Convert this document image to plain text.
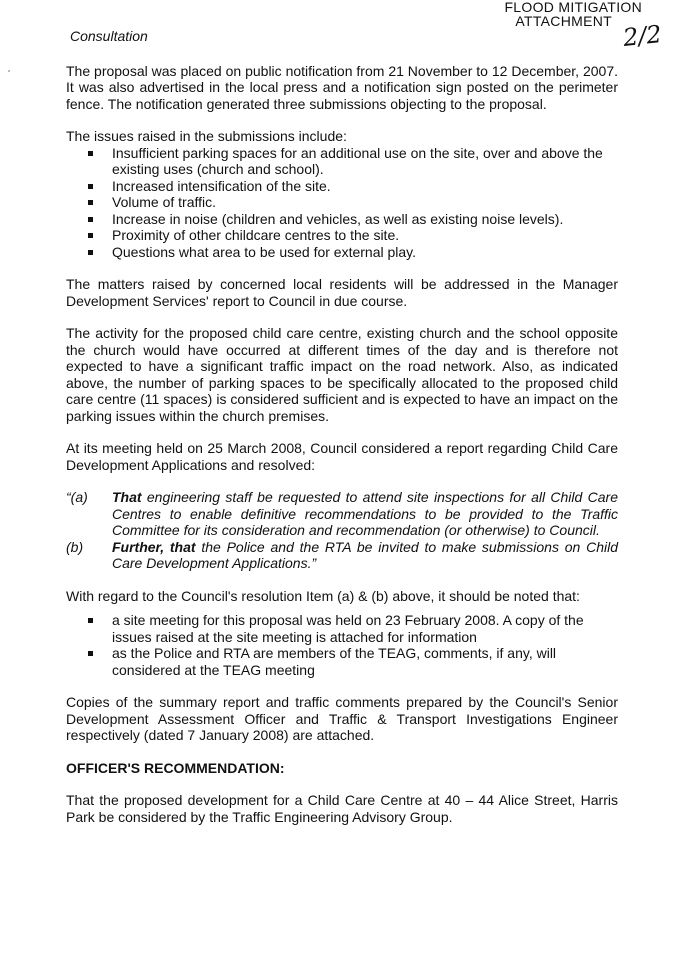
FLOOD MITIGATION
ATTACHMENT 2/2
Consultation

The proposal was placed on public notification from 21 November to 12 December, 2007. It was also advertised in the local press and a notification sign posted on the perimeter fence. The notification generated three submissions objecting to the proposal.

The issues raised in the submissions include:

Insufficient parking spaces for an additional use on the site, over and above the existing uses (church and school).
Increased intensification of the site.
Volume of traffic.
Increase in noise (children and vehicles, as well as existing noise levels).
Proximity of other childcare centres to the site.
Questions what area to be used for external play.

The matters raised by concerned local residents will be addressed in the Manager Development Services' report to Council in due course.

The activity for the proposed child care centre, existing church and the school opposite the church would have occurred at different times of the day and is therefore not expected to have a significant traffic impact on the road network. Also, as indicated above, the number of parking spaces to be specifically allocated to the proposed child care centre (11 spaces) is considered sufficient and is expected to have an impact on the parking issues within the church premises.

At its meeting held on 25 March 2008, Council considered a report regarding Child Care Development Applications and resolved:

“(a)	That engineering staff be requested to attend site inspections for all Child Care Centres to enable definitive recommendations to be provided to the Traffic Committee for its consideration and recommendation (or otherwise) to Council.
(b)	Further, that the Police and the RTA be invited to make submissions on Child Care Development Applications.”

With regard to the Council's resolution Item (a) & (b) above, it should be noted that:

a site meeting for this proposal was held on 23 February 2008. A copy of the issues raised at the site meeting is attached for information
as the Police and RTA are members of the TEAG, comments, if any, will considered at the TEAG meeting

Copies of the summary report and traffic comments prepared by the Council's Senior Development Assessment Officer and Traffic & Transport Investigations Engineer respectively (dated 7 January 2008) are attached.

OFFICER'S RECOMMENDATION:

That the proposed development for a Child Care Centre at 40 – 44 Alice Street, Harris Park be considered by the Traffic Engineering Advisory Group.
